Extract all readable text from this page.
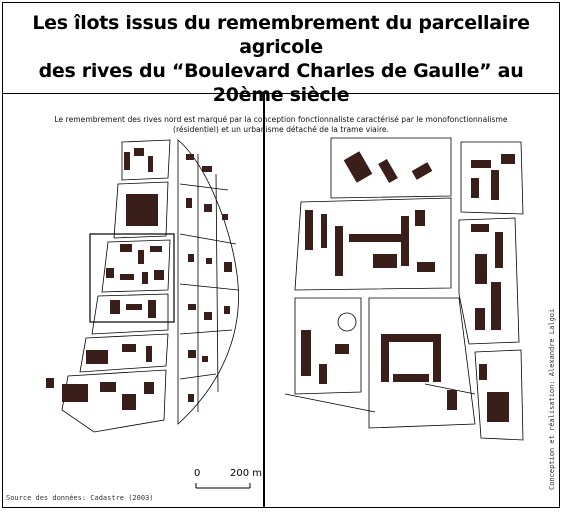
Les îlots issus du remembrement du parcellaire agricole
des rives du “Boulevard Charles de Gaulle” au 20ème siècle
Le remembrement des rives nord est marqué par la conception fonctionnaliste caractérisé par le monofonctionnalisme
(résidentiel) et un urbanisme détaché de la trame viaire.
0	200 m
Source des données: Cadastre (2003)
Conception et réalisation: Alexandre Lalgoi
